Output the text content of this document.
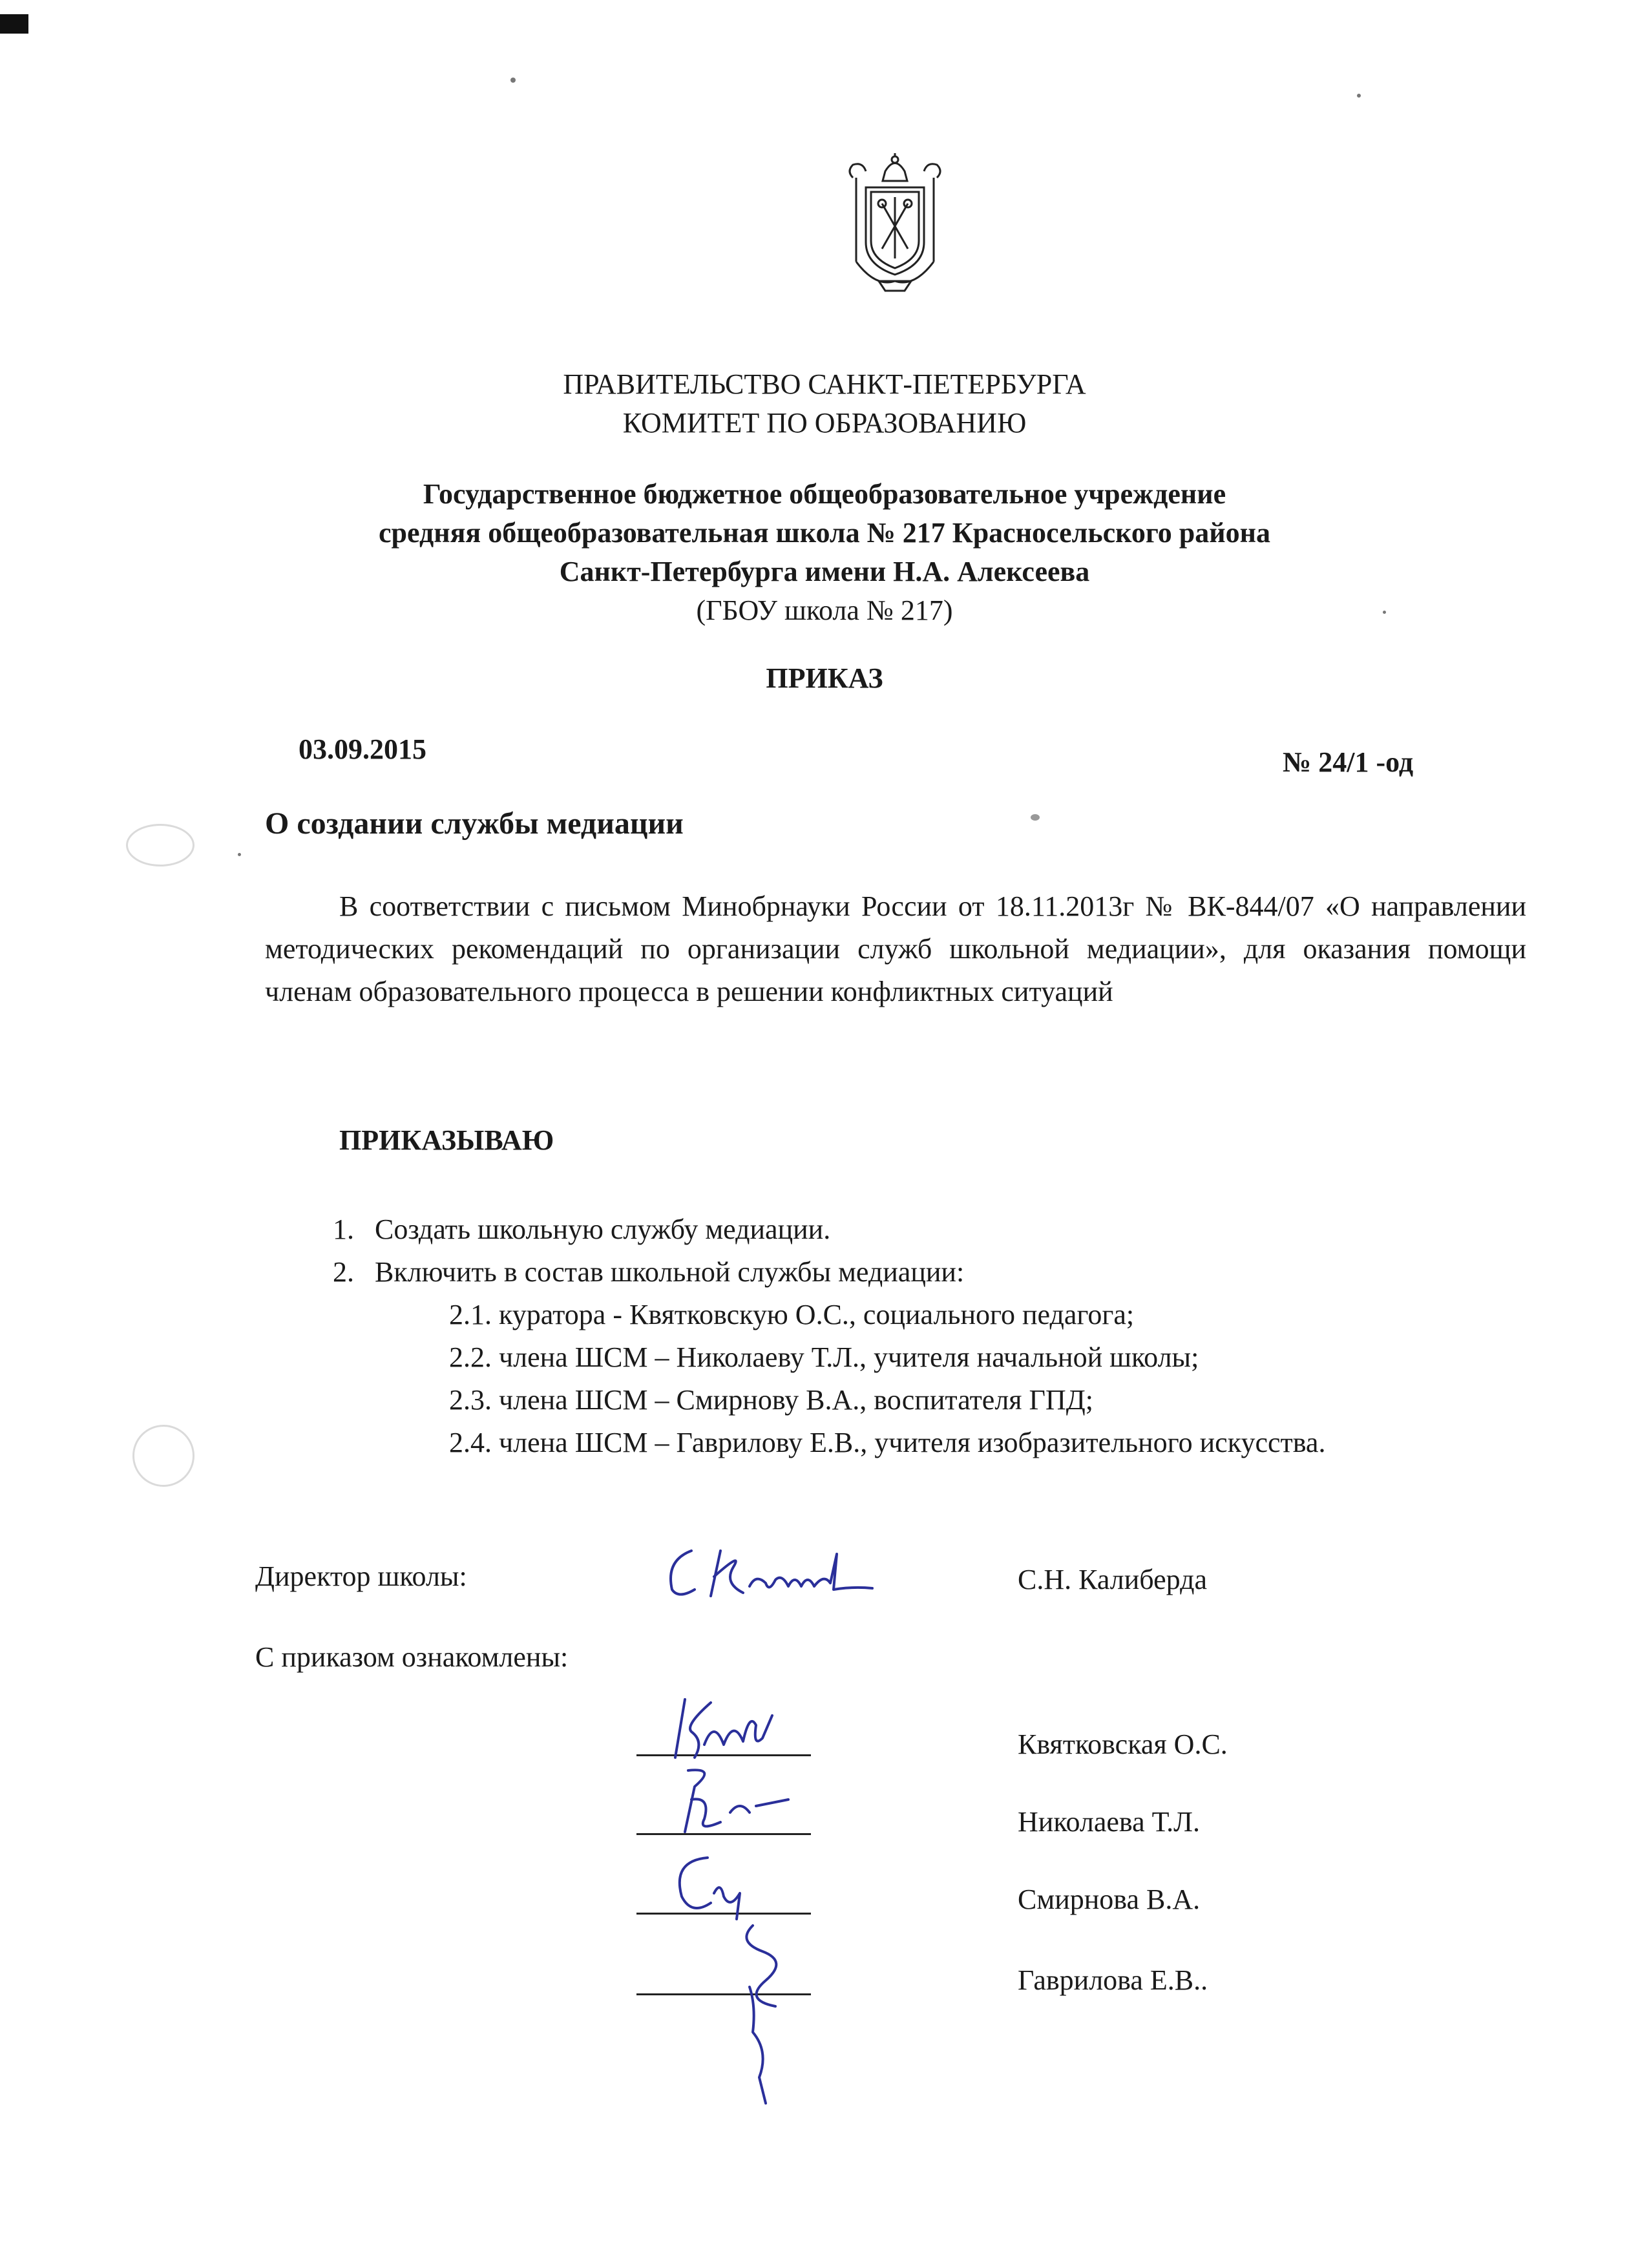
ПРАВИТЕЛЬСТВО САНКТ-ПЕТЕРБУРГА
КОМИТЕТ ПО ОБРАЗОВАНИЮ
Государственное бюджетное общеобразовательное учреждение
средняя общеобразовательная школа № 217 Красносельского района
Санкт-Петербурга имени Н.А. Алексеева
(ГБОУ школа № 217)
ПРИКАЗ
03.09.2015	№ 24/1 -од
О создании службы медиации
В соответствии с письмом Минобрнауки России от 18.11.2013г № ВК-844/07 «О направлении методических рекомендаций по организации служб школьной медиации», для оказания помощи членам образовательного процесса в решении конфликтных ситуаций
ПРИКАЗЫВАЮ
1. Создать школьную службу медиации.
2. Включить в состав школьной службы медиации:
2.1. куратора - Квятковскую О.С., социального педагога;
2.2. члена ШСМ – Николаеву Т.Л., учителя начальной школы;
2.3. члена ШСМ – Смирнову В.А., воспитателя ГПД;
2.4. члена ШСМ – Гаврилову Е.В., учителя изобразительного искусства.
Директор школы:	С.Н. Калиберда
С приказом ознакомлены:
Квятковская О.С.
Николаева Т.Л.
Смирнова В.А.
Гаврилова Е.В..
